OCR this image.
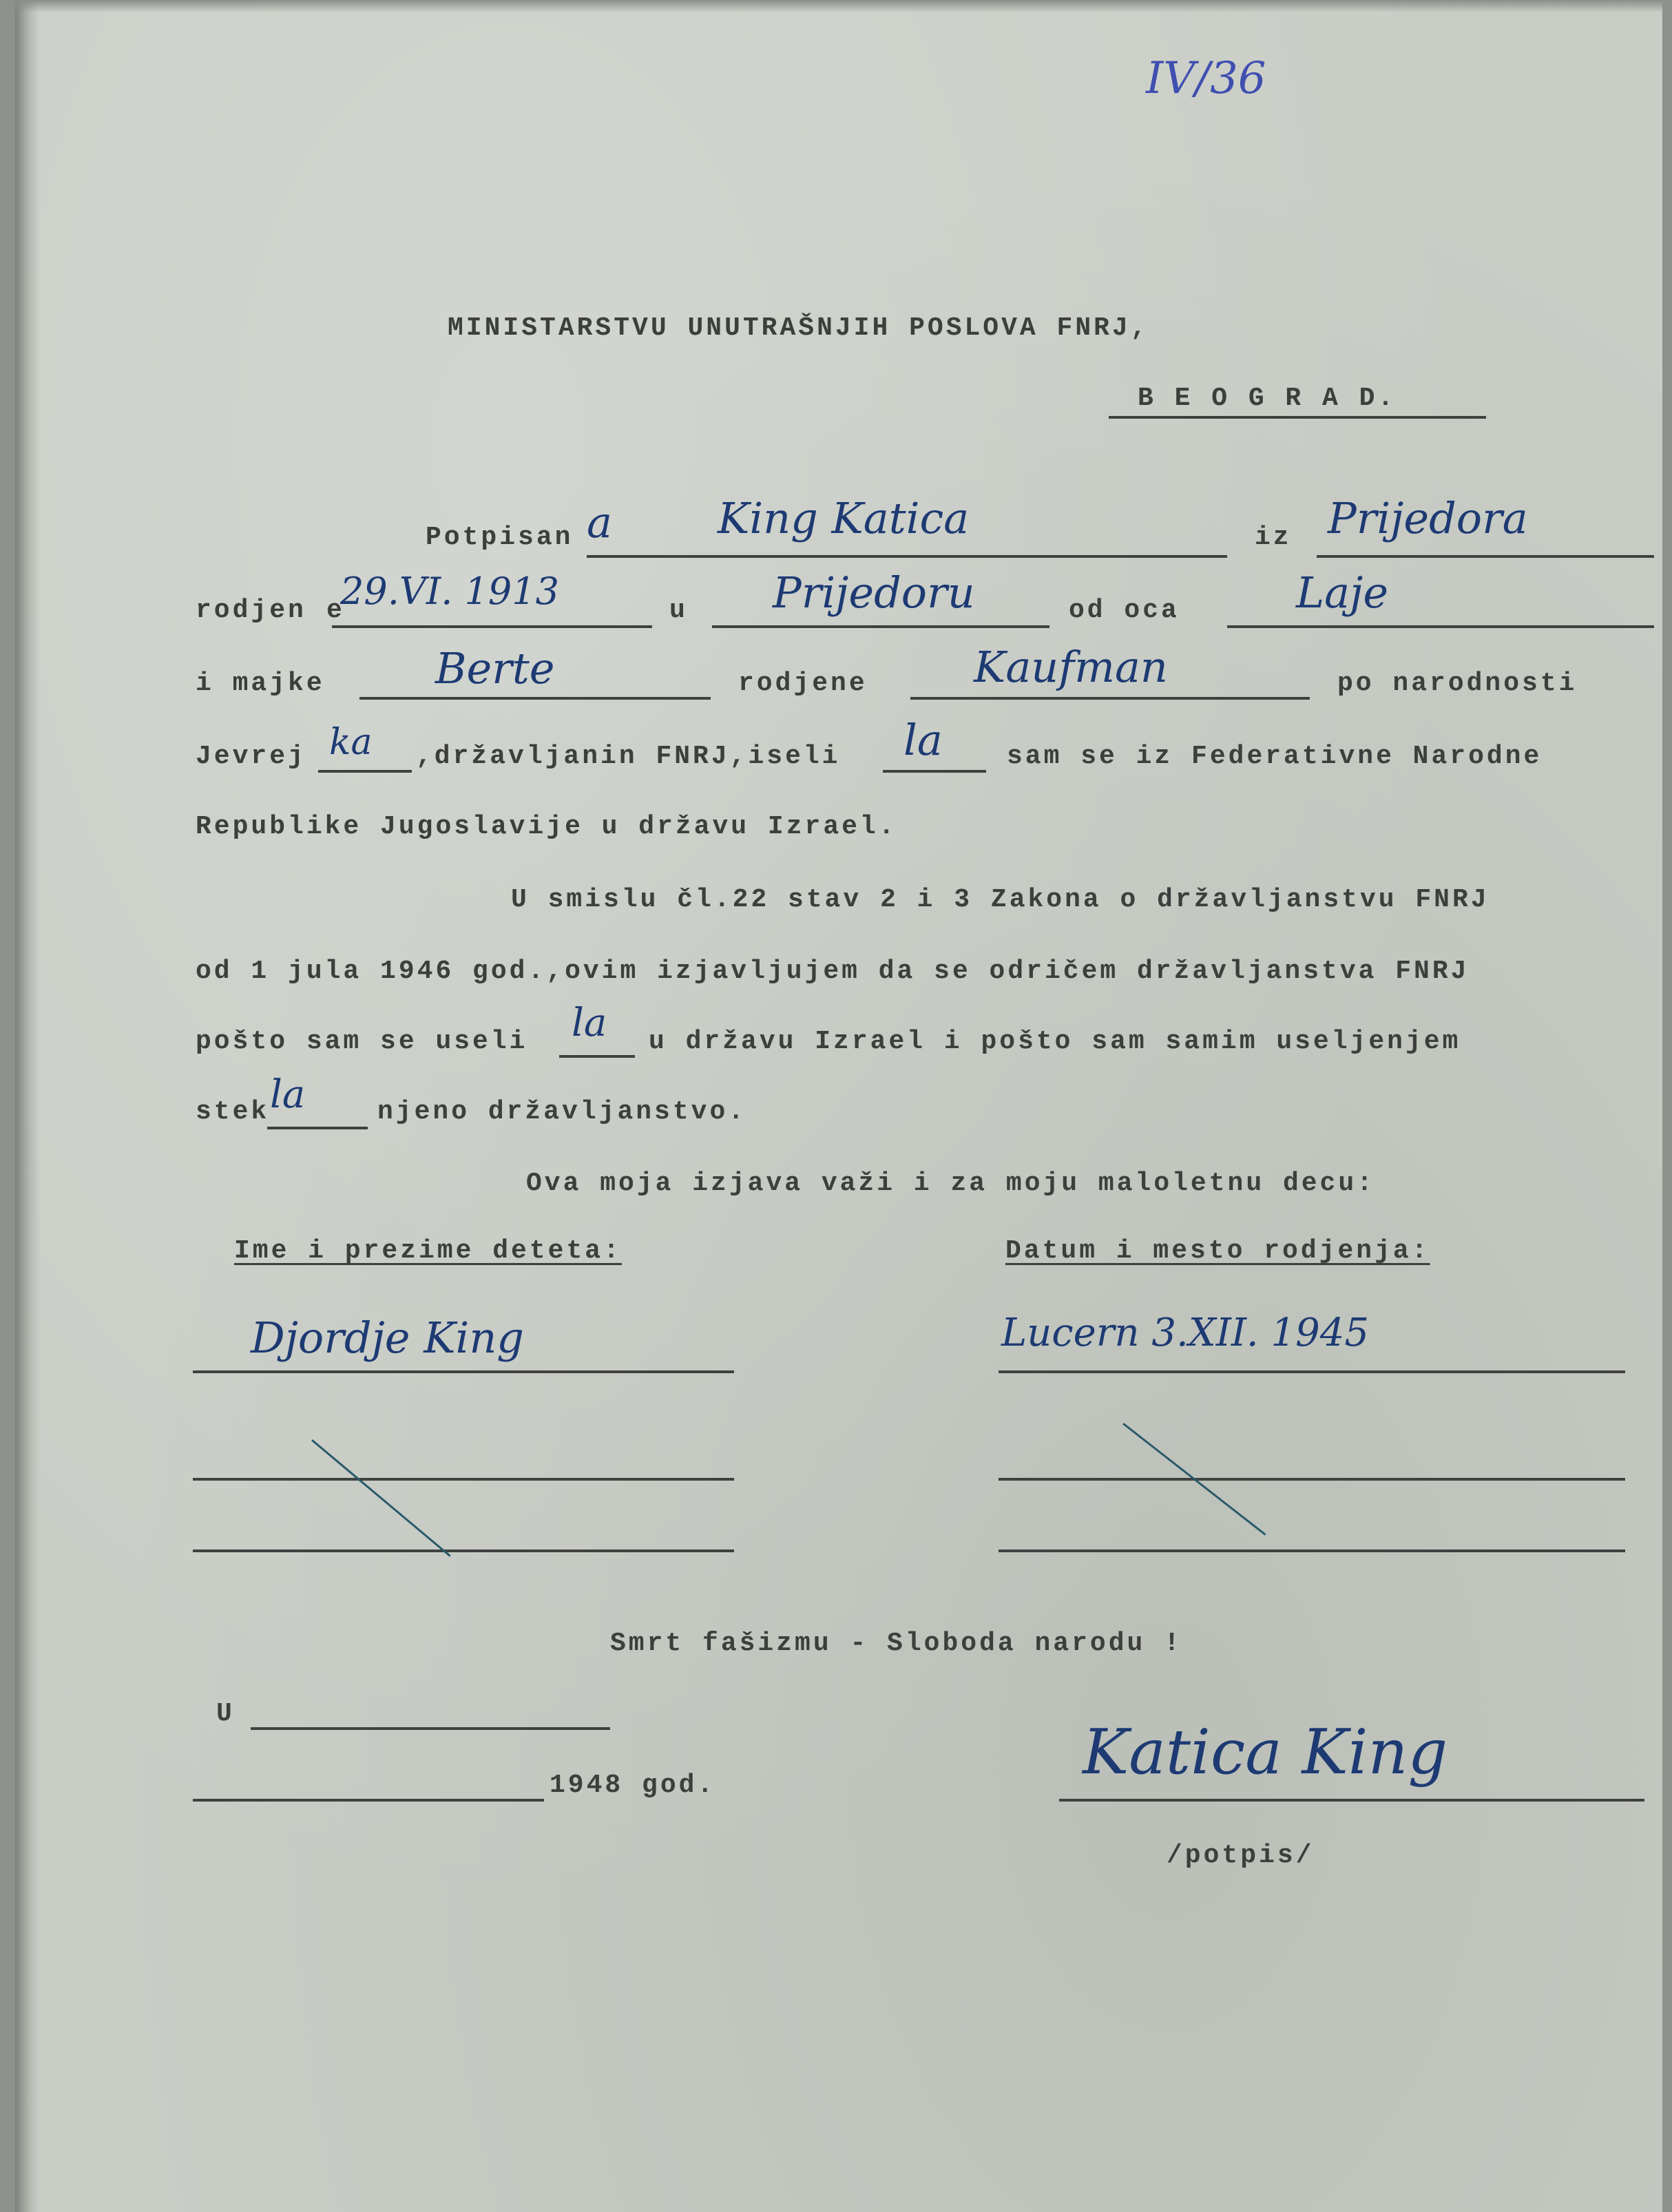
IV/36
MINISTARSTVU UNUTRAŠNJIH POSLOVA FNRJ,
B E O G R A D.
Potpisan a King Katica	iz Prijedora
rodjen e
29.VI. 1913	u Prijedoru	od oca	Laje
i majke	Berte	rodjene Kaufman	po narodnosti
Jevrej ka ,državljanin FNRJ,iseli la sam se iz Federativne Narodne
Republike Jugoslavije u državu Izrael.
U smislu čl.22 stav 2 i 3 Zakona o državljanstvu FNRJ
od 1 jula 1946 god.,ovim izjavljujem da se odričem državljanstva FNRJ
pošto sam se useli la u državu Izrael i pošto sam samim useljenjem
stek la	njeno državljanstvo.
Ova moja izjava važi i za moju maloletnu decu:
Ime i prezime deteta:	Datum i mesto rodjenja:
Djordje King	Lucern 3.XII. 1945
Smrt fašizmu - Sloboda narodu !
U
1948 god.	Katica King
/potpis/
